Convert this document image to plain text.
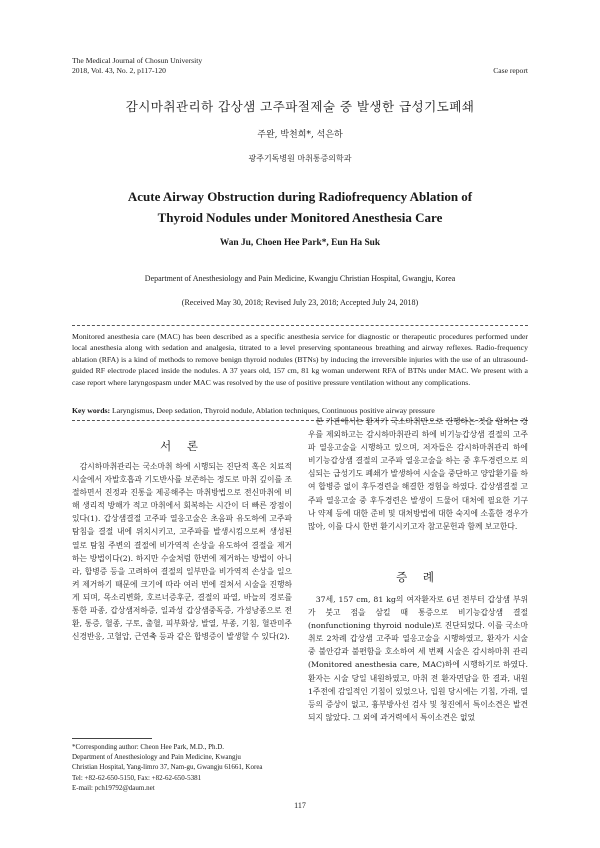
The Medical Journal of Chosun University
2018, Vol. 43, No. 2, p117-120	Case report
감시마취관리하 갑상샘 고주파절제술 중 발생한 급성기도폐쇄
주완, 박천희*, 석은하
광주기독병원 마취통증의학과
Acute Airway Obstruction during Radiofrequency Ablation of
Thyroid Nodules under Monitored Anesthesia Care
Wan Ju, Choen Hee Park*, Eun Ha Suk
Department of Anesthesiology and Pain Medicine, Kwangju Christian Hospital, Gwangju, Korea
(Received May 30, 2018; Revised July 23, 2018; Accepted July 24, 2018)
Monitored anesthesia care (MAC) has been described as a specific anesthesia service for diagnostic or therapeutic procedures performed under local anesthesia along with sedation and analgesia, titrated to a level preserving spontaneous breathing and airway reflexes. Radio-frequency ablation (RFA) is a kind of methods to remove benign thyroid nodules (BTNs) by inducing the irreversible injuries with the use of an ultrasound-guided RF electrode placed inside the nodules. A 37 years old, 157 cm, 81 kg woman underwent RFA of BTNs under MAC. We present with a case report where laryngospasm under MAC was resolved by the use of positive pressure ventilation without any complications.
Key words: Laryngismus, Deep sedation, Thyroid nodule, Ablation techniques, Continuous positive airway pressure
서 론

감시하마취관리는 국소마취 하에 시행되는 진단적 혹은 치료적 시술에서 자발호흡과 기도반사를 보존하는 정도로 마취 깊이를 조절하면서 진정과 진통을 제공해주는 마취방법으로 전신마취에 비해 생리적 방해가 적고 마취에서 회복하는 시간이 더 빠른 장점이 있다(1). 갑상샘결절 고주파 열응고술은 초음파 유도하에 고주파탐침을 결절 내에 위치시키고, 고주파를 발생시킴으로써 생성된 열로 탐침 주변의 결절에 비가역적 손상을 유도하여 결절을 제거하는 방법이다(2). 하지만 수술처럼 한번에 제거하는 방법이 아니라, 합병증 등을 고려하여 결절의 일부만을 비가역적 손상을 일으켜 제거하기 때문에 크기에 따라 여러 번에 걸쳐서 시술을 진행하게 되며, 목소리변화, 호르너증후군, 결절의 파열, 바늘의 경로를 통한 파종, 갑상샘저하증, 일과성 갑상샘중독증, 가성낭종으로 전환, 통증, 혈종, 구토, 출혈, 피부화상, 발열, 부종, 기침, 혈관미주신경반응, 고혈압, 근연축 등과 같은 합병증이 발생할 수 있다(2).

본 기관에서는 환자가 국소마취만으로 진행하는 것을 원하는 경우를 제외하고는 감시하마취관리 하에 비기능갑상샘 결절의 고주파 열응고술을 시행하고 있으며, 저자들은 감시하마취관리 하에 비기능갑상샘 결절의 고주파 열응고술을 하는 중 후두경련으로 의심되는 급성기도 폐쇄가 발생하여 시술을 중단하고 양압환기를 하여 합병증 없이 후두경련을 해결한 경험을 하였다. 갑상샘결절 고주파 열응고술 중 후두경련은 발생이 드물어 대처에 필요한 기구나 약제 등에 대한 준비 및 대처방법에 대한 숙지에 소홀한 경우가 많아, 이를 다시 한번 환기시키고자 참고문헌과 함께 보고한다.

증 례

37세, 157 cm, 81 kg의 여자환자로 6년 전부터 갑상샘 부위가 붓고 점을 삼킬 때 통증으로 비기능갑상샘 결절(nonfunctioning thyroid nodule)로 진단되었다. 이를 국소마취로 2차례 갑상샘 고주파 열응고술을 시행하였고, 환자가 시술 중 불안감과 불편함을 호소하여 세 번째 시술은 감시하마취 관리(Monitored anesthesia care, MAC)하에 시행하기로 하였다. 환자는 시술 당일 내원하였고, 마취 전 환자면담을 한 결과, 내원 1주전에 감일적인 기침이 있었으나, 입원 당시에는 기침, 가래, 열 등의 증상이 없고, 흉부방사선 검사 및 청진에서 특이소견은 발견되지 않았다. 그 외에 과거력에서 특이소견은 없었

*Corresponding author: Cheon Hee Park, M.D., Ph.D.
Department of Anesthesiology and Pain Medicine, Kwangju
Christian Hospital, Yang-limro 37, Nam-gu, Gwangju 61661, Korea
Tel: +82-62-650-5150, Fax: +82-62-650-5381
E-mail: pch19792@daum.net
117
